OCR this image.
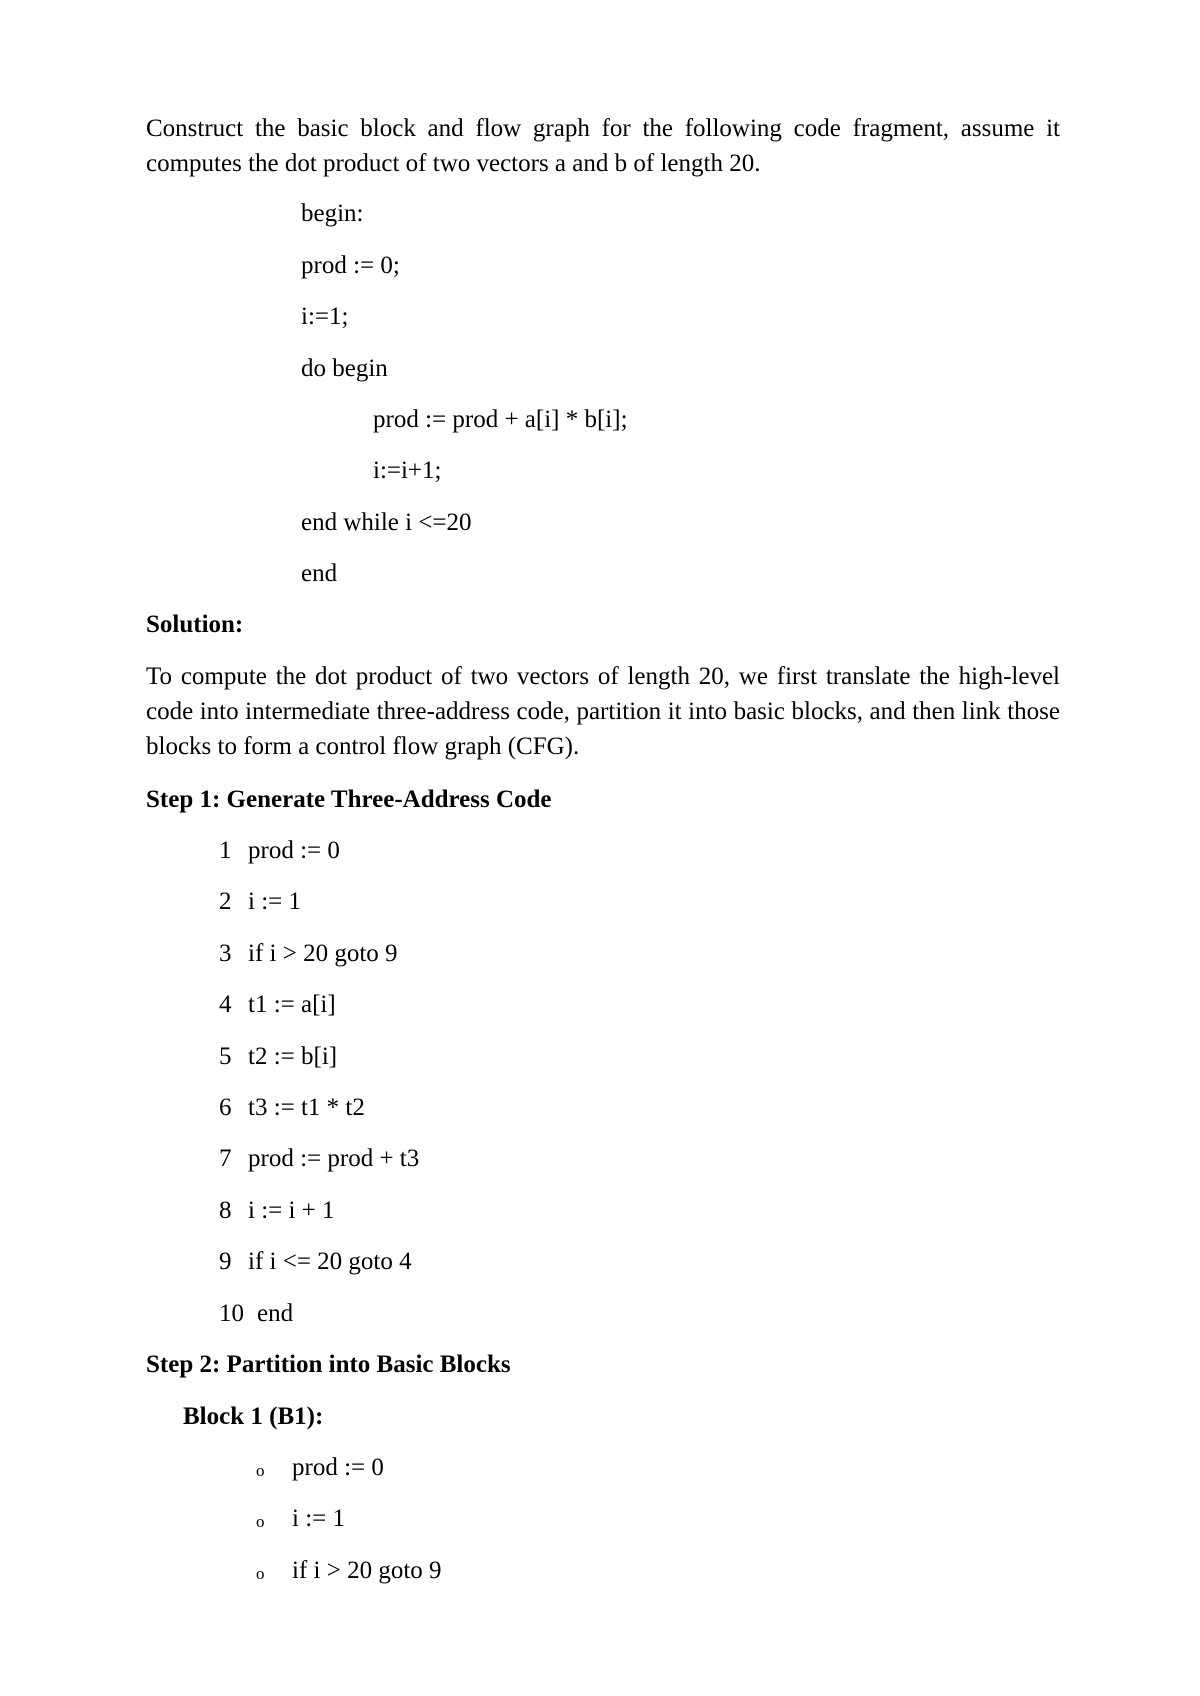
Construct the basic block and flow graph for the following code fragment, assume it computes the dot product of two vectors a and b of length 20.
begin:
prod := 0;
i:=1;
do begin
prod := prod + a[i] * b[i];
i:=i+1;
end while i <=20
end
Solution:
To compute the dot product of two vectors of length 20, we first translate the high-level code into intermediate three-address code, partition it into basic blocks, and then link those blocks to form a control flow graph (CFG).
Step 1: Generate Three-Address Code
1 prod := 0
2 i := 1
3 if i > 20 goto 9
4 t1 := a[i]
5 t2 := b[i]
6 t3 := t1 * t2
7 prod := prod + t3
8 i := i + 1
9 if i <= 20 goto 4
10 end
Step 2: Partition into Basic Blocks
Block 1 (B1):
o prod := 0
o i := 1
o if i > 20 goto 9
